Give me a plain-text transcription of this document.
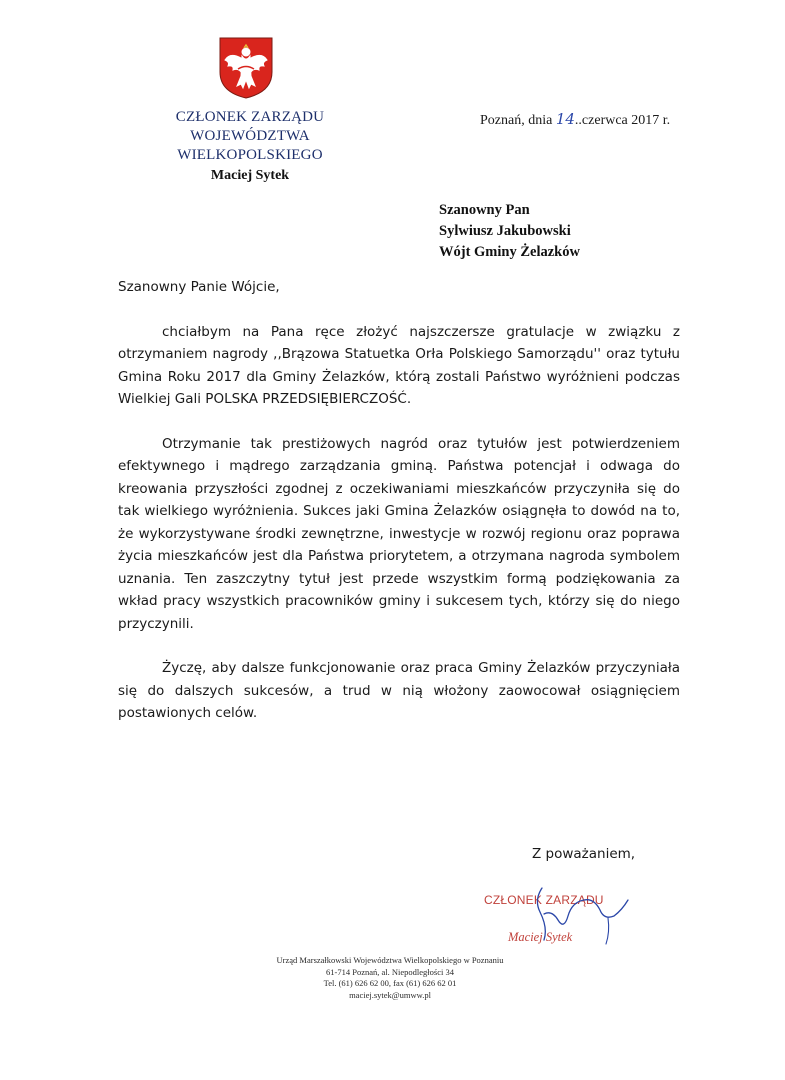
CZŁONEK ZARZĄDU
WOJEWÓDZTWA WIELKOPOLSKIEGO
Maciej Sytek
Poznań, dnia 14..czerwca 2017 r.
Szanowny Pan
Sylwiusz Jakubowski
Wójt Gminy Żelazków

Szanowny Panie Wójcie,

chciałbym na Pana ręce złożyć najszczersze gratulacje w związku z otrzymaniem nagrody ,,Brązowa Statuetka Orła Polskiego Samorządu'' oraz tytułu Gmina Roku 2017 dla Gminy Żelazków, którą zostali Państwo wyróżnieni podczas Wielkiej Gali POLSKA PRZEDSIĘBIERCZOŚĆ.

Otrzymanie tak prestiżowych nagród oraz tytułów jest potwierdzeniem efektywnego i mądrego zarządzania gminą. Państwa potencjał i odwaga do kreowania przyszłości zgodnej z oczekiwaniami mieszkańców przyczyniła się do tak wielkiego wyróżnienia. Sukces jaki Gmina Żelazków osiągnęła to dowód na to, że wykorzystywane środki zewnętrzne, inwestycje w rozwój regionu oraz poprawa życia mieszkańców jest dla Państwa priorytetem, a otrzymana nagroda symbolem uznania. Ten zaszczytny tytuł jest przede wszystkim formą podziękowania za wkład pracy wszystkich pracowników gminy i sukcesem tych, którzy się do niego przyczynili.

Życzę, aby dalsze funkcjonowanie oraz praca Gminy Żelazków przyczyniała się do dalszych sukcesów, a trud w nią włożony zaowocował osiągnięciem postawionych celów.

Z poważaniem,
CZŁONEK ZARZĄDU
Maciej Sytek
Urząd Marszałkowski Województwa Wielkopolskiego w Poznaniu
61-714 Poznań, al. Niepodległości 34
Tel. (61) 626 62 00, fax (61) 626 62 01
maciej.sytek@umww.pl
